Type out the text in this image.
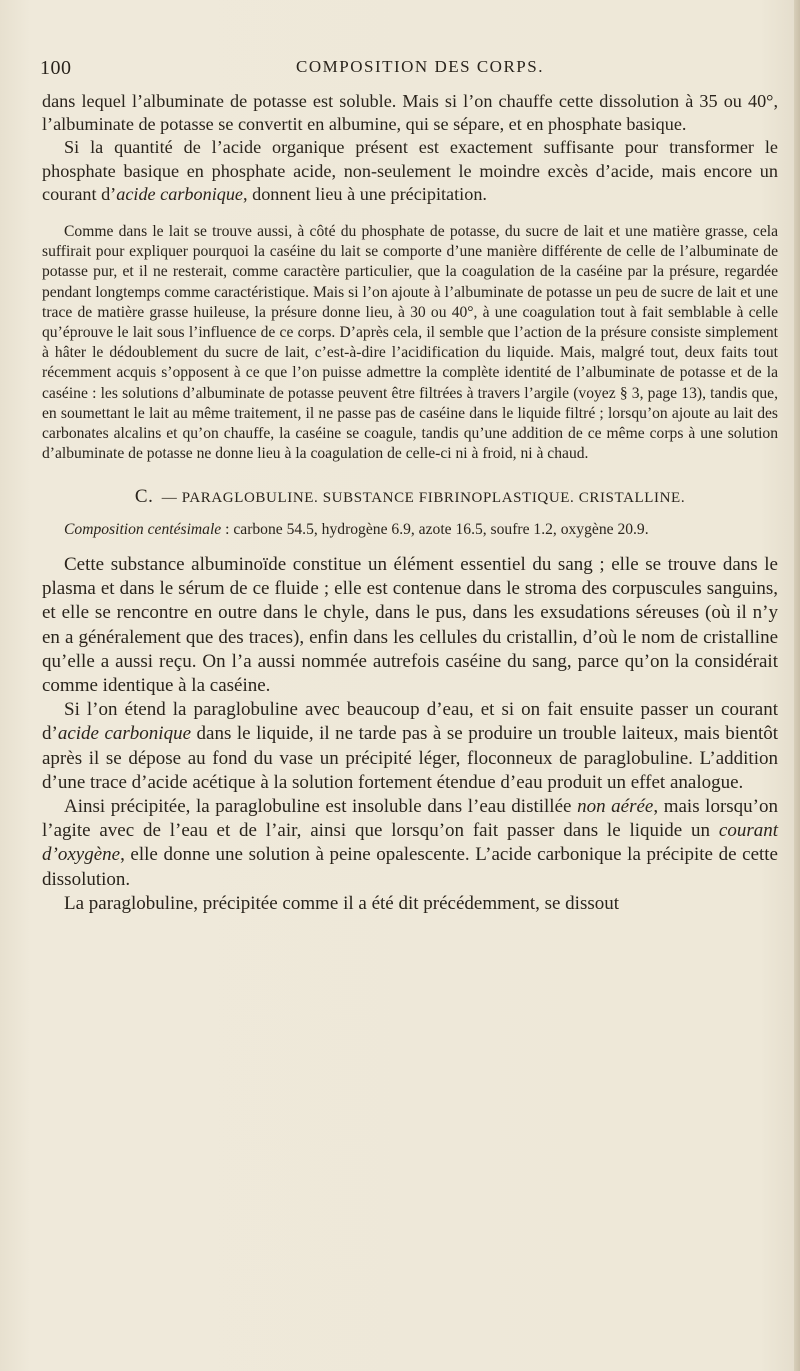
100	COMPOSITION DES CORPS.

dans lequel l’albuminate de potasse est soluble. Mais si l’on chauffe cette dissolution à 35 ou 40°, l’albuminate de potasse se convertit en albumine, qui se sépare, et en phosphate basique.

Si la quantité de l’acide organique présent est exactement suffisante pour transformer le phosphate basique en phosphate acide, non-seulement le moindre excès d’acide, mais encore un courant d’acide carbonique, donnent lieu à une précipitation.

Comme dans le lait se trouve aussi, à côté du phosphate de potasse, du sucre de lait et une matière grasse, cela suffirait pour expliquer pourquoi la caséine du lait se comporte d’une manière différente de celle de l’albuminate de potasse pur, et il ne resterait, comme caractère particulier, que la coagulation de la caséine par la présure, regardée pendant longtemps comme caractéristique. Mais si l’on ajoute à l’albuminate de potasse un peu de sucre de lait et une trace de matière grasse huileuse, la présure donne lieu, à 30 ou 40°, à une coagulation tout à fait semblable à celle qu’éprouve le lait sous l’influence de ce corps. D’après cela, il semble que l’action de la présure consiste simplement à hâter le dédoublement du sucre de lait, c’est-à-dire l’acidification du liquide. Mais, malgré tout, deux faits tout récemment acquis s’opposent à ce que l’on puisse admettre la complète identité de l’albuminate de potasse et de la caséine : les solutions d’albuminate de potasse peuvent être filtrées à travers l’argile (voyez § 3, page 13), tandis que, en soumettant le lait au même traitement, il ne passe pas de caséine dans le liquide filtré ; lorsqu’on ajoute au lait des carbonates alcalins et qu’on chauffe, la caséine se coagule, tandis qu’une addition de ce même corps à une solution d’albuminate de potasse ne donne lieu à la coagulation de celle-ci ni à froid, ni à chaud.

C. — PARAGLOBULINE. SUBSTANCE FIBRINOPLASTIQUE. CRISTALLINE.

Composition centésimale : carbone 54.5, hydrogène 6.9, azote 16.5, soufre 1.2, oxygène 20.9.

Cette substance albuminoïde constitue un élément essentiel du sang ; elle se trouve dans le plasma et dans le sérum de ce fluide ; elle est contenue dans le stroma des corpuscules sanguins, et elle se rencontre en outre dans le chyle, dans le pus, dans les exsudations séreuses (où il n’y en a généralement que des traces), enfin dans les cellules du cristallin, d’où le nom de cristalline qu’elle a aussi reçu. On l’a aussi nommée autrefois caséine du sang, parce qu’on la considérait comme identique à la caséine.

Si l’on étend la paraglobuline avec beaucoup d’eau, et si on fait ensuite passer un courant d’acide carbonique dans le liquide, il ne tarde pas à se produire un trouble laiteux, mais bientôt après il se dépose au fond du vase un précipité léger, floconneux de paraglobuline. L’addition d’une trace d’acide acétique à la solution fortement étendue d’eau produit un effet analogue.

Ainsi précipitée, la paraglobuline est insoluble dans l’eau distillée non aérée, mais lorsqu’on l’agite avec de l’eau et de l’air, ainsi que lorsqu’on fait passer dans le liquide un courant d’oxygène, elle donne une solution à peine opalescente. L’acide carbonique la précipite de cette dissolution.

La paraglobuline, précipitée comme il a été dit précédemment, se dissout
